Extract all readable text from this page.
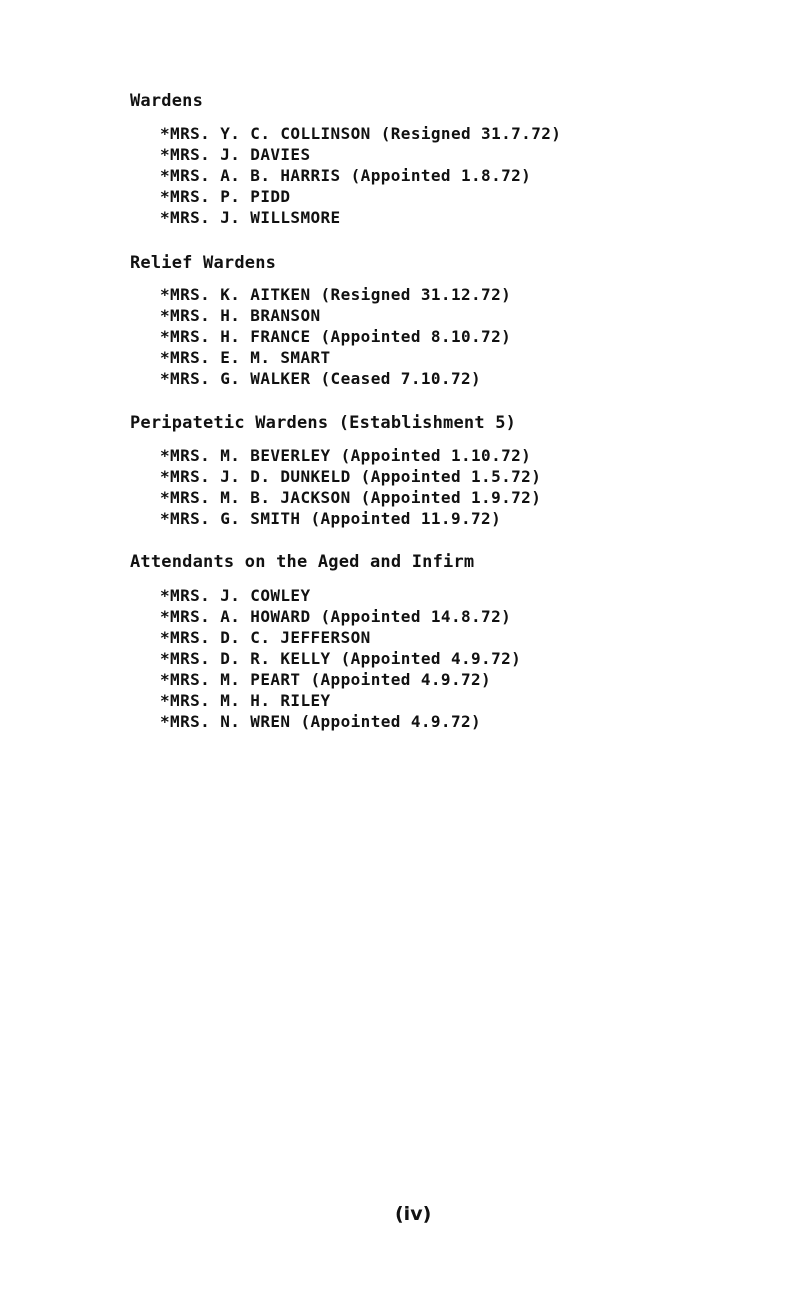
Wardens
*MRS. Y. C. COLLINSON (Resigned 31.7.72)
*MRS. J. DAVIES
*MRS. A. B. HARRIS (Appointed 1.8.72)
*MRS. P. PIDD
*MRS. J. WILLSMORE
Relief Wardens
*MRS. K. AITKEN (Resigned 31.12.72)
*MRS. H. BRANSON
*MRS. H. FRANCE (Appointed 8.10.72)
*MRS. E. M. SMART
*MRS. G. WALKER (Ceased 7.10.72)
Peripatetic Wardens (Establishment 5)
*MRS. M. BEVERLEY (Appointed 1.10.72)
*MRS. J. D. DUNKELD (Appointed 1.5.72)
*MRS. M. B. JACKSON (Appointed 1.9.72)
*MRS. G. SMITH (Appointed 11.9.72)
Attendants on the Aged and Infirm
*MRS. J. COWLEY
*MRS. A. HOWARD (Appointed 14.8.72)
*MRS. D. C. JEFFERSON
*MRS. D. R. KELLY (Appointed 4.9.72)
*MRS. M. PEART (Appointed 4.9.72)
*MRS. M. H. RILEY
*MRS. N. WREN (Appointed 4.9.72)
(iv)
